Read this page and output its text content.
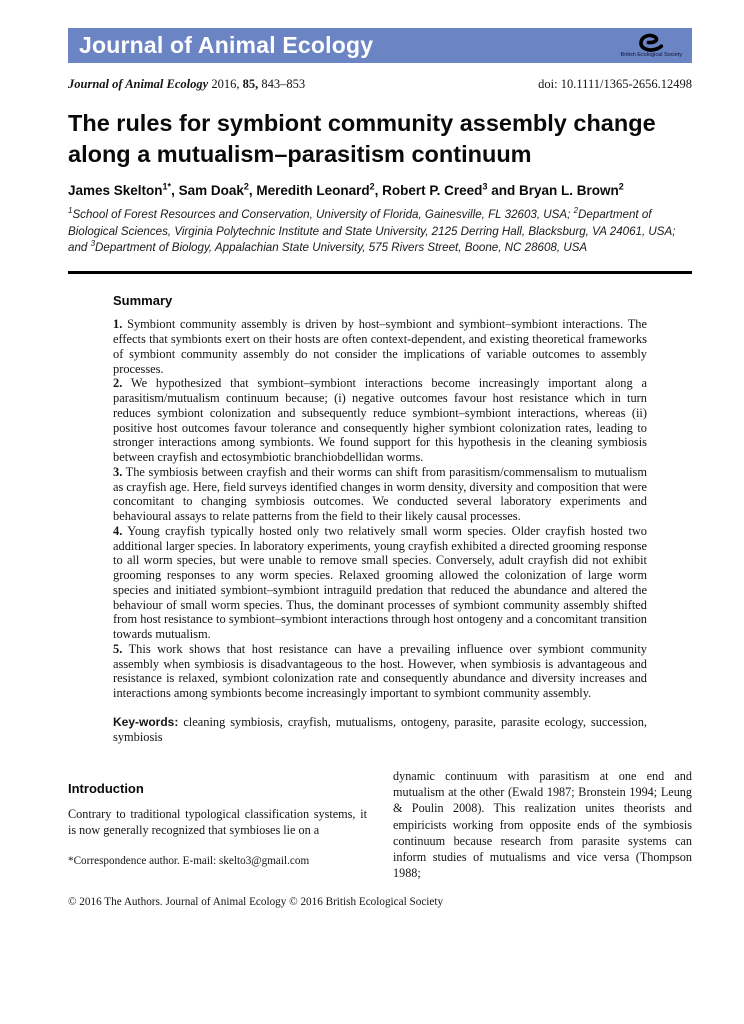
Journal of Animal Ecology	British Ecological Society
Journal of Animal Ecology 2016, 85, 843–853	doi: 10.1111/1365-2656.12498
The rules for symbiont community assembly change along a mutualism–parasitism continuum
James Skelton$^{1*}$, Sam Doak$^2$, Meredith Leonard$^2$, Robert P. Creed$^3$ and Bryan L. Brown$^2$

$^1$School of Forest Resources and Conservation, University of Florida, Gainesville, FL 32603, USA; $^2$Department of Biological Sciences, Virginia Polytechnic Institute and State University, 2125 Derring Hall, Blacksburg, VA 24061, USA; and $^3$Department of Biology, Appalachian State University, 575 Rivers Street, Boone, NC 28608, USA

Summary

1. Symbiont community assembly is driven by host–symbiont and symbiont–symbiont interactions. The effects that symbionts exert on their hosts are often context-dependent, and existing theoretical frameworks of symbiont community assembly do not consider the implications of variable outcomes to assembly processes.

2. We hypothesized that symbiont–symbiont interactions become increasingly important along a parasitism/mutualism continuum because; (i) negative outcomes favour host resistance which in turn reduces symbiont colonization and subsequently reduce symbiont–symbiont interactions, whereas (ii) positive host outcomes favour tolerance and consequently higher symbiont colonization rates, leading to stronger interactions among symbionts. We found support for this hypothesis in the cleaning symbiosis between crayfish and ectosymbiotic branchiobdellidan worms.

3. The symbiosis between crayfish and their worms can shift from parasitism/commensalism to mutualism as crayfish age. Here, field surveys identified changes in worm density, diversity and composition that were concomitant to changing symbiosis outcomes. We conducted several laboratory experiments and behavioural assays to relate patterns from the field to their likely causal processes.

4. Young crayfish typically hosted only two relatively small worm species. Older crayfish hosted two additional larger species. In laboratory experiments, young crayfish exhibited a directed grooming response to all worm species, but were unable to remove small species. Conversely, adult crayfish did not exhibit grooming responses to any worm species. Relaxed grooming allowed the colonization of large worm species and initiated symbiont–symbiont intraguild predation that reduced the abundance and altered the behaviour of small worm species. Thus, the dominant processes of symbiont community assembly shifted from host resistance to symbiont–symbiont interactions through host ontogeny and a concomitant transition towards mutualism.

5. This work shows that host resistance can have a prevailing influence over symbiont community assembly when symbiosis is disadvantageous to the host. However, when symbiosis is advantageous and resistance is relaxed, symbiont colonization rate and consequently abundance and diversity increases and interactions among symbionts become increasingly important to symbiont community assembly.

Key-words: cleaning symbiosis, crayfish, mutualisms, ontogeny, parasite, parasite ecology, succession, symbiosis

Introduction

Contrary to traditional typological classification systems, it is now generally recognized that symbioses lie on a

*Correspondence author. E-mail: skelto3@gmail.com

dynamic continuum with parasitism at one end and mutualism at the other (Ewald 1987; Bronstein 1994; Leung & Poulin 2008). This realization unites theorists and empiricists working from opposite ends of the symbiosis continuum because research from parasite systems can inform studies of mutualisms and vice versa (Thompson 1988;

© 2016 The Authors. Journal of Animal Ecology © 2016 British Ecological Society
